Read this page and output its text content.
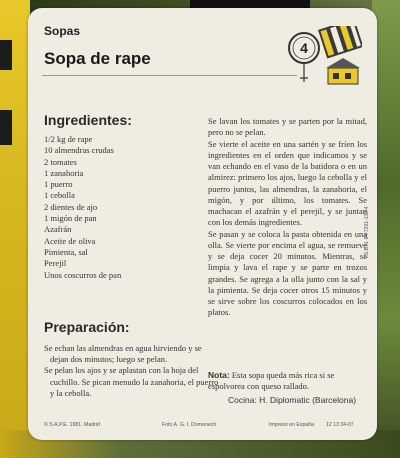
Sopas
Sopa de rape
4
Ingredientes:
1/2 kg de rape
10 almendras crudas
2 tomates
1 zanahoria
1 puerro
1 cebolla
2 dientes de ajo
1 migón de pan
Azafrán
Aceite de oliva
Pimienta, sal
Perejil
Unos coscurros de pan
Preparación:

Se echan las almendras en agua hirviendo y se dejan dos minutos; luego se pelan.

Se pelan los ajos y se aplastan con la hoja del cuchillo. Se pican menudo la zanahoria, el puerro y la cebolla.

Se lavan los tomates y se parten por la mitad, pero no se pelan.

Se vierte el aceite en una sartén y se fríen los ingredientes en el orden que indicamos y se van echando en el vaso de la batidora o en un almirez: primero los ajos, luego la cebolla y el puerro juntos, las almendras, la zanahoria, el migón, y por último, los tomates. Se machacan el azafrán y el perejil, y se juntan con los demás ingredientes.

Se pasan y se coloca la pasta obtenida en una olla. Se vierte por encima el agua, se remueve y se deja cocer 20 minutos. Mientras, se limpia y lava el rape y se parte en trozos grandes. Se agrega a la olla junto con la sal y la pimienta. Se deja cocer otros 15 minutos y se sirve sobre los coscurros colocados en los platos.

Nota: Esta sopa queda más rica si se espolvorea con queso rallado.
Cocina: H. Diplomatic (Barcelona)
I.S.B.N. 84-7291-133-4
© S.A.P.E. 1981. Madrid	Foto A. G. I. Domenech	Impreso en España 12 13 34-07
